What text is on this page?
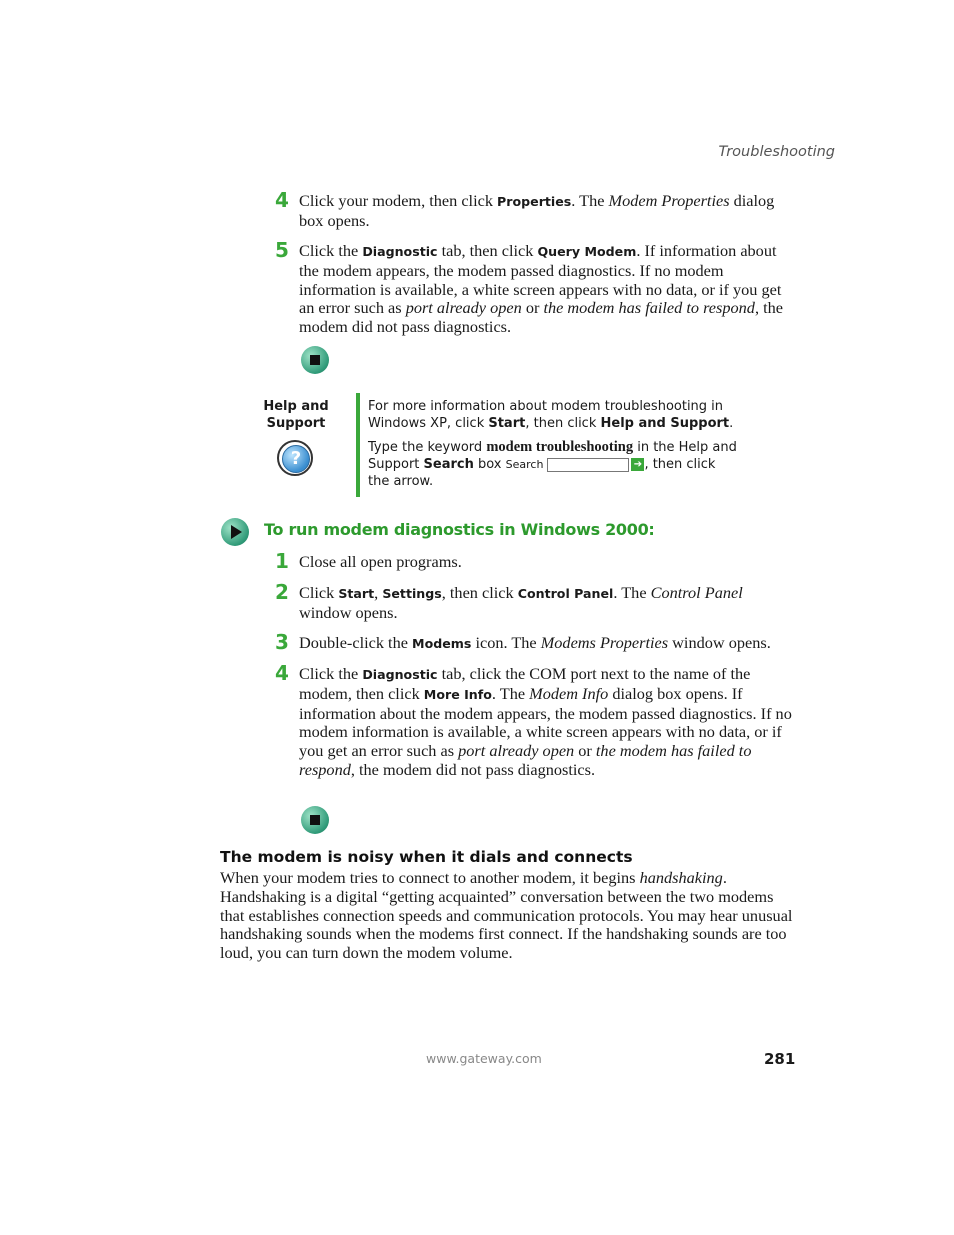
Troubleshooting
4 Click your modem, then click Properties. The Modem Properties dialog box opens.
5 Click the Diagnostic tab, then click Query Modem. If information about the modem appears, the modem passed diagnostics. If no modem information is available, a white screen appears with no data, or if you get an error such as port already open or the modem has failed to respond, the modem did not pass diagnostics.
Help and Support
?
For more information about modem troubleshooting in Windows XP, click Start, then click Help and Support.
Type the keyword modem troubleshooting in the Help and Support Search box Search	➔ , then click the arrow.
To run modem diagnostics in Windows 2000:
1 Close all open programs.
2 Click Start, Settings, then click Control Panel. The Control Panel window opens.
3 Double-click the Modems icon. The Modems Properties window opens.
4 Click the Diagnostic tab, click the COM port next to the name of the modem, then click More Info. The Modem Info dialog box opens. If information about the modem appears, the modem passed diagnostics. If no modem information is available, a white screen appears with no data, or if you get an error such as port already open or the modem has failed to respond, the modem did not pass diagnostics.
The modem is noisy when it dials and connects
When your modem tries to connect to another modem, it begins handshaking. Handshaking is a digital “getting acquainted” conversation between the two modems that establishes connection speeds and communication protocols. You may hear unusual handshaking sounds when the modems first connect. If the handshaking sounds are too loud, you can turn down the modem volume.
www.gateway.com	281
